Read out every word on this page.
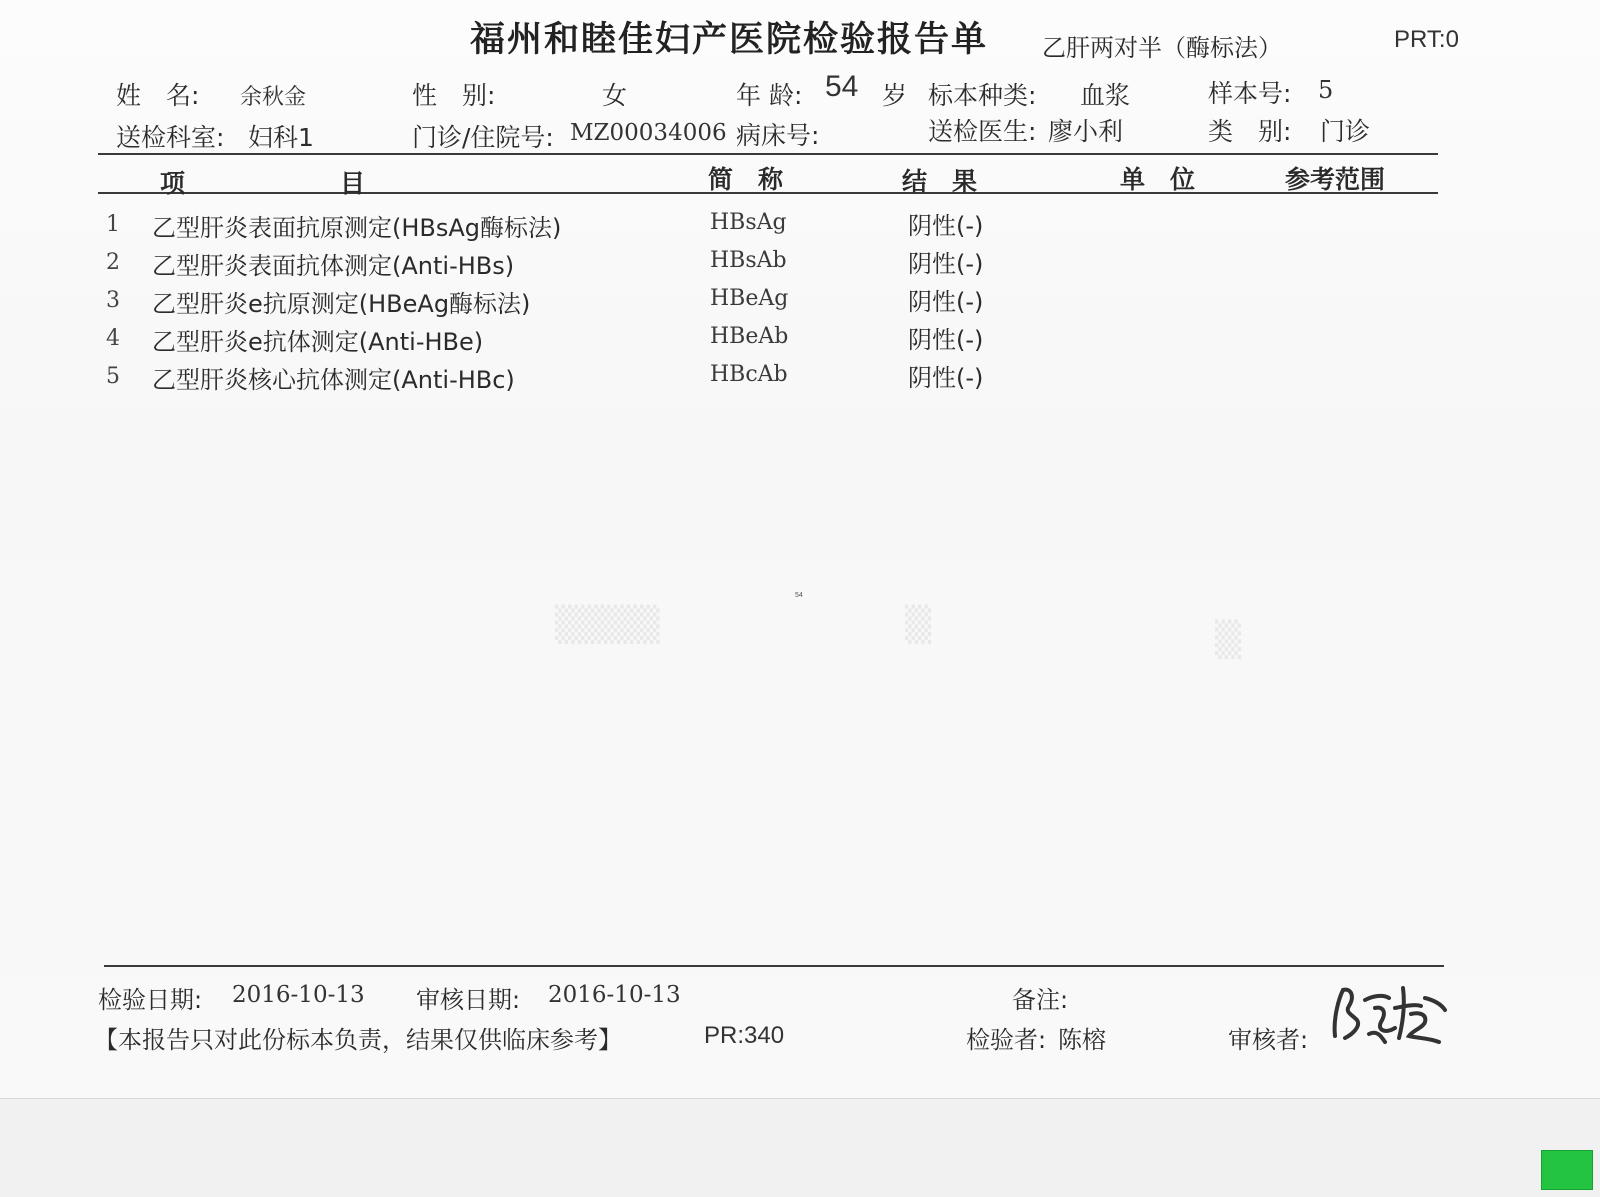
▒▒▒▒	▒	▒
福州和睦佳妇产医院检验报告单 乙肝两对半（酶标法）	PRT:0
姓　名: 余秋金	性　别:	女	年 龄: 54 岁 标本种类: 血浆	样本号: 5
送检科室: 妇科1	门诊/住院号: MZ00034006 病床号:	送检医生: 廖小利	类　别: 门诊
项	目	简　称	结　果	单　位	参考范围
1 乙型肝炎表面抗原测定(HBsAg酶标法)	HBsAg	阴性(-)
2 乙型肝炎表面抗体测定(Anti-HBs)	HBsAb	阴性(-)
3 乙型肝炎e抗原测定(HBeAg酶标法)	HBeAg	阴性(-)
4 乙型肝炎e抗体测定(Anti-HBe)	HBeAb	阴性(-)
5 乙型肝炎核心抗体测定(Anti-HBc)	HBcAb	阴性(-)
54
检验日期: 2016-10-13 审核日期: 2016-10-13	备注:
【本报告只对此份标本负责，结果仅供临床参考】	PR:340	检验者: 陈榕	审核者:
